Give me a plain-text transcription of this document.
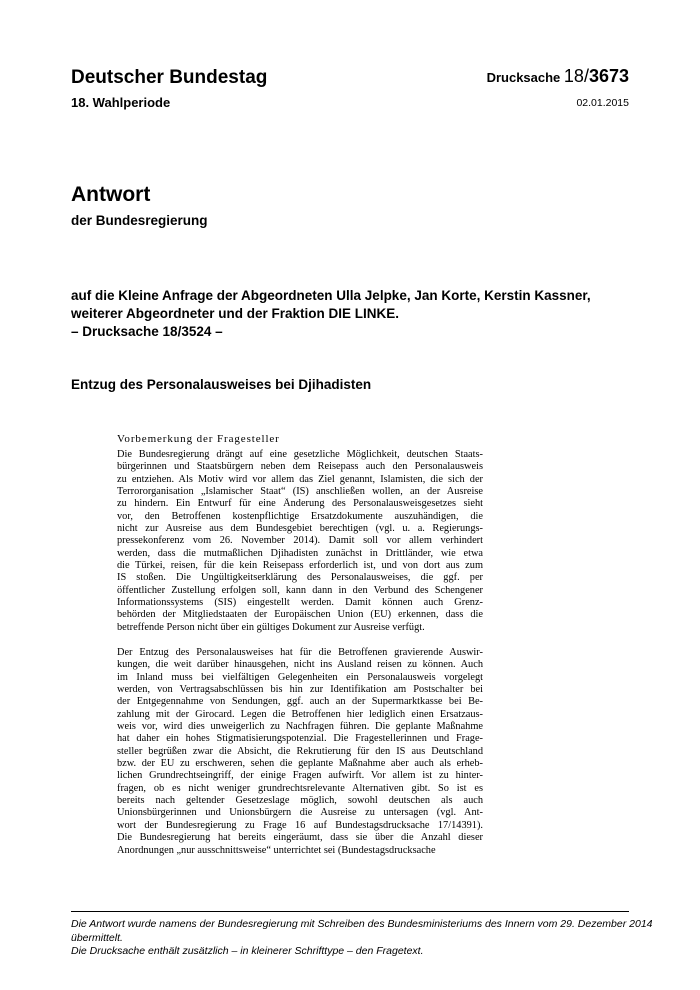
Deutscher Bundestag
18. Wahlperiode
Drucksache 18/3673
02.01.2015
Antwort
der Bundesregierung
auf die Kleine Anfrage der Abgeordneten Ulla Jelpke, Jan Korte, Kerstin Kassner,
weiterer Abgeordneter und der Fraktion DIE LINKE.
– Drucksache 18/3524 –
Entzug des Personalausweises bei Djihadisten
Vorbemerkung der Fragesteller
Die Bundesregierung drängt auf eine gesetzliche Möglichkeit, deutschen Staats-
bürgerinnen und Staatsbürgern neben dem Reisepass auch den Personalausweis
zu entziehen. Als Motiv wird vor allem das Ziel genannt, Islamisten, die sich der
Terrororganisation „Islamischer Staat“ (IS) anschließen wollen, an der Ausreise
zu hindern. Ein Entwurf für eine Änderung des Personalausweisgesetzes sieht
vor, den Betroffenen kostenpflichtige Ersatzdokumente auszuhändigen, die
nicht zur Ausreise aus dem Bundesgebiet berechtigen (vgl. u. a. Regierungs-
pressekonferenz vom 26. November 2014). Damit soll vor allem verhindert
werden, dass die mutmaßlichen Djihadisten zunächst in Drittländer, wie etwa
die Türkei, reisen, für die kein Reisepass erforderlich ist, und von dort aus zum
IS stoßen. Die Ungültigkeitserklärung des Personalausweises, die ggf. per
öffentlicher Zustellung erfolgen soll, kann dann in den Verbund des Schengener
Informationssystems (SIS) eingestellt werden. Damit können auch Grenz-
behörden der Mitgliedstaaten der Europäischen Union (EU) erkennen, dass die
betreffende Person nicht über ein gültiges Dokument zur Ausreise verfügt.
Der Entzug des Personalausweises hat für die Betroffenen gravierende Auswir-
kungen, die weit darüber hinausgehen, nicht ins Ausland reisen zu können. Auch
im Inland muss bei vielfältigen Gelegenheiten ein Personalausweis vorgelegt
werden, von Vertragsabschlüssen bis hin zur Identifikation am Postschalter bei
der Entgegennahme von Sendungen, ggf. auch an der Supermarktkasse bei Be-
zahlung mit der Girocard. Legen die Betroffenen hier lediglich einen Ersatzaus-
weis vor, wird dies unweigerlich zu Nachfragen führen. Die geplante Maßnahme
hat daher ein hohes Stigmatisierungspotenzial. Die Fragestellerinnen und Frage-
steller begrüßen zwar die Absicht, die Rekrutierung für den IS aus Deutschland
bzw. der EU zu erschweren, sehen die geplante Maßnahme aber auch als erheb-
lichen Grundrechtseingriff, der einige Fragen aufwirft. Vor allem ist zu hinter-
fragen, ob es nicht weniger grundrechtsrelevante Alternativen gibt. So ist es
bereits nach geltender Gesetzeslage möglich, sowohl deutschen als auch
Unionsbürgerinnen und Unionsbürgern die Ausreise zu untersagen (vgl. Ant-
wort der Bundesregierung zu Frage 16 auf Bundestagsdrucksache 17/14391).
Die Bundesregierung hat bereits eingeräumt, dass sie über die Anzahl dieser
Anordnungen „nur ausschnittsweise“ unterrichtet sei (Bundestagsdrucksache
Die Antwort wurde namens der Bundesregierung mit Schreiben des Bundesministeriums des Innern vom 29. Dezember 2014
übermittelt.
Die Drucksache enthält zusätzlich – in kleinerer Schrifttype – den Fragetext.
